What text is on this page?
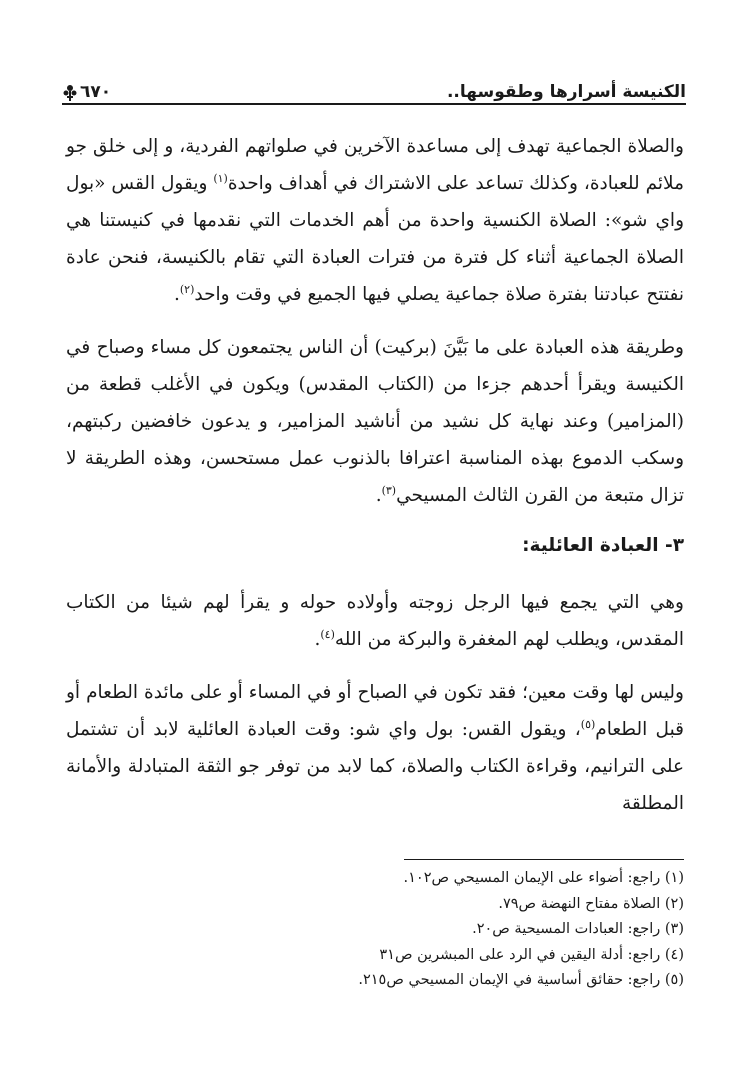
الكنيسة أسرارها وطقوسها..
٦٧٠

والصلاة الجماعية تهدف إلى مساعدة الآخرين في صلواتهم الفردية، و إلى خلق جو ملائم للعبادة، وكذلك تساعد على الاشتراك في أهداف واحدة$^{(١)}$ ويقول القس «بول واي شو»: الصلاة الكنسية واحدة من أهم الخدمات التي نقدمها في كنيستنا هي الصلاة الجماعية أثناء كل فترة من فترات العبادة التي تقام بالكنيسة، فنحن عادة نفتتح عبادتنا بفترة صلاة جماعية يصلي فيها الجميع في وقت واحد$^{(٢)}$.

وطريقة هذه العبادة على ما بَيَّنَ (بركيت) أن الناس يجتمعون كل مساء وصباح في الكنيسة ويقرأ أحدهم جزءا من (الكتاب المقدس) ويكون في الأغلب قطعة من (المزامير) وعند نهاية كل نشيد من أناشيد المزامير، و يدعون خافضين ركبتهم، وسكب الدموع بهذه المناسبة اعترافا بالذنوب عمل مستحسن، وهذه الطريقة لا تزال متبعة من القرن الثالث المسيحي$^{(٣)}$.

٣- العبادة العائلية:

وهي التي يجمع فيها الرجل زوجته وأولاده حوله و يقرأ لهم شيئا من الكتاب المقدس، ويطلب لهم المغفرة والبركة من الله$^{(٤)}$.

وليس لها وقت معين؛ فقد تكون في الصباح أو في المساء أو على مائدة الطعام أو قبل الطعام$^{(٥)}$، ويقول القس: بول واي شو: وقت العبادة العائلية لابد أن تشتمل على الترانيم، وقراءة الكتاب والصلاة، كما لابد من توفر جو الثقة المتبادلة والأمانة المطلقة

(١) راجع: أضواء على الإيمان المسيحي ص١٠٢.
(٢) الصلاة مفتاح النهضة ص٧٩.
(٣) راجع: العبادات المسيحية ص٢٠.
(٤) راجع: أدلة اليقين في الرد على المبشرين ص٣١
(٥) راجع: حقائق أساسية في الإيمان المسيحي ص٢١٥.
